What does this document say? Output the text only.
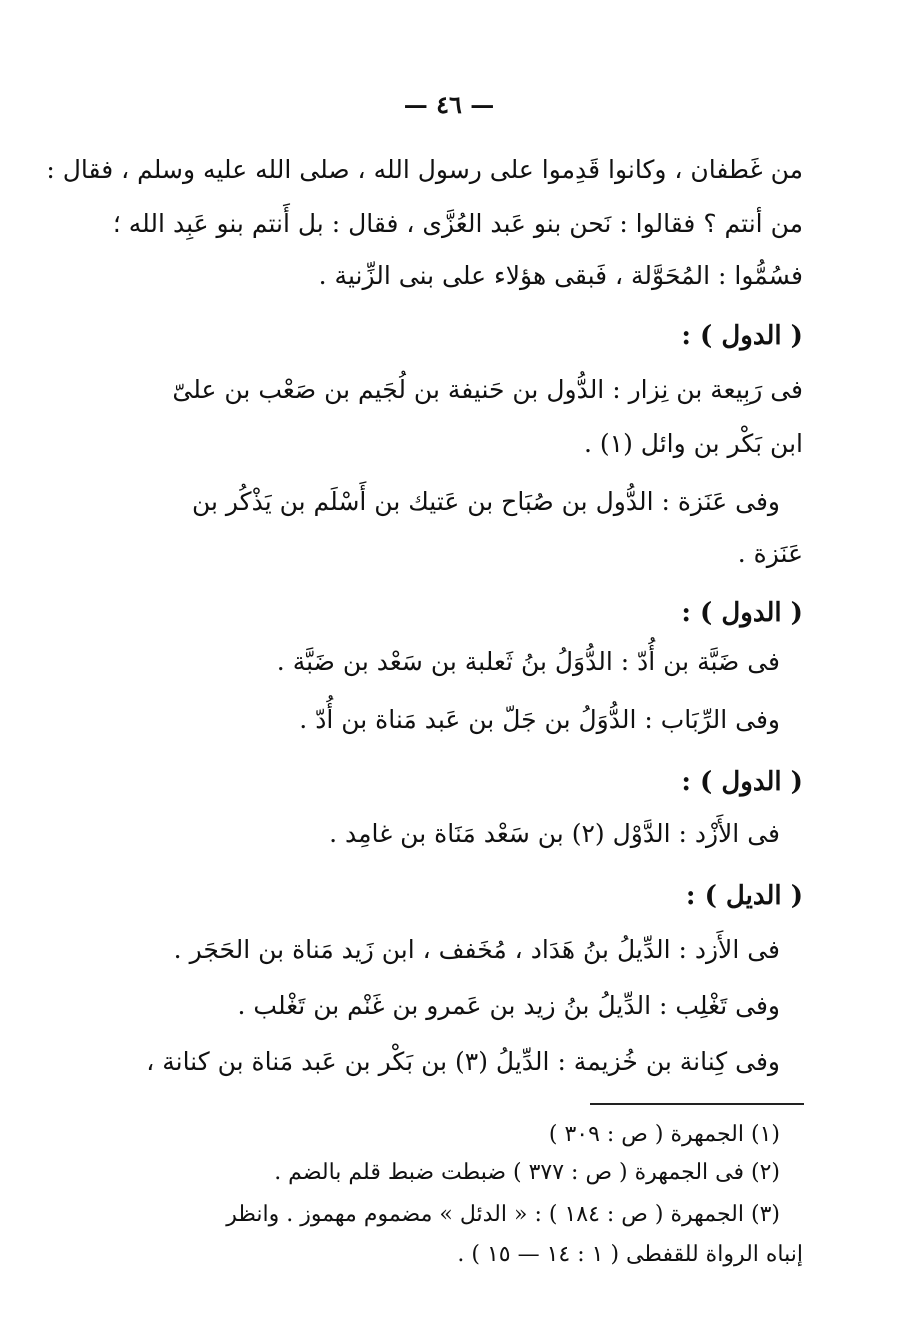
— ٤٦ —
من غَطفان ، وكانوا قَدِموا على رسول الله ، صلى الله عليه وسلم ، فقال :
من أنتم ؟ فقالوا : نَحن بنو عَبد العُزَّى ، فقال : بل أَنتم بنو عَبِد الله ؛
فسُمُّوا : المُحَوَّلة ، فَبقى هؤلاء على بنى الزِّنية .
( الدول ) :
فى رَبِيعة بن نِزار : الدُّول بن حَنيفة بن لُجَيم بن صَعْب بن علىّ
ابن بَكْر بن وائل (١) .
وفى عَنَزة : الدُّول بن صُبَاح بن عَتيك بن أَسْلَم بن يَذْكُر بن
عَنَزة .
( الدول ) :
فى ضَبَّة بن أُدّ : الدُّوَلُ بنُ ثَعلبة بن سَعْد بن ضَبَّة .
وفى الرِّبَاب : الدُّوَلُ بن جَلّ بن عَبد مَناة بن أُدّ .
( الدول ) :
فى الأَزْد : الدَّوْل (٢) بن سَعْد مَنَاة بن غامِد .
( الديل ) :
فى الأَزد : الدِّيلُ بنُ هَدَاد ، مُخَفف ، ابن زَيد مَناة بن الحَجَر .
وفى تَغْلِب : الدِّيلُ بنُ زيد بن عَمرو بن غَنْم بن تَغْلب .
وفى كِنانة بن خُزيمة : الدِّيلُ (٣) بن بَكْر بن عَبد مَناة بن كنانة ،
(١) الجمهرة ( ص : ٣٠٩ )
(٢) فى الجمهرة ( ص : ٣٧٧ ) ضبطت ضبط قلم بالضم .
(٣) الجمهرة ( ص : ١٨٤ ) : « الدئل » مضموم مهموز . وانظر
إنباه الرواة للقفطى ( ١ : ١٤ — ١٥ ) .
